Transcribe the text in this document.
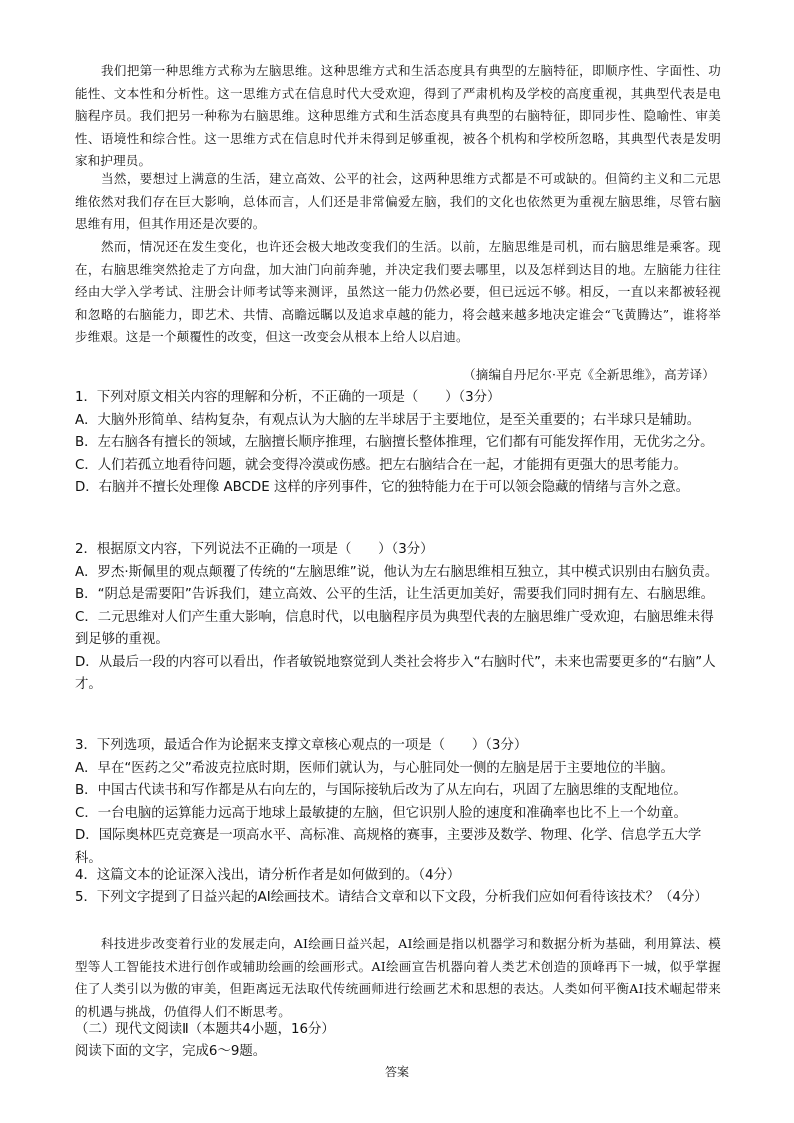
我们把第一种思维方式称为左脑思维。这种思维方式和生活态度具有典型的左脑特征，即顺序性、字面性、功能性、文本性和分析性。这一思维方式在信息时代大受欢迎，得到了严肃机构及学校的高度重视，其典型代表是电脑程序员。我们把另一种称为右脑思维。这种思维方式和生活态度具有典型的右脑特征，即同步性、隐喻性、审美性、语境性和综合性。这一思维方式在信息时代并未得到足够重视，被各个机构和学校所忽略，其典型代表是发明家和护理员。
当然，要想过上满意的生活，建立高效、公平的社会，这两种思维方式都是不可或缺的。但简约主义和二元思维依然对我们存在巨大影响，总体而言，人们还是非常偏爱左脑，我们的文化也依然更为重视左脑思维，尽管右脑思维有用，但其作用还是次要的。
然而，情况还在发生变化，也许还会极大地改变我们的生活。以前，左脑思维是司机，而右脑思维是乘客。现在，右脑思维突然抢走了方向盘，加大油门向前奔驰，并决定我们要去哪里，以及怎样到达目的地。左脑能力往往经由大学入学考试、注册会计师考试等来测评，虽然这一能力仍然必要，但已远远不够。相反，一直以来都被轻视和忽略的右脑能力，即艺术、共情、高瞻远瞩以及追求卓越的能力，将会越来越多地决定谁会“飞黄腾达”，谁将举步维艰。这是一个颠覆性的改变，但这一改变会从根本上给人以启迪。
（摘编自丹尼尔·平克《全新思维》，高芳译）
1．下列对原文相关内容的理解和分析，不正确的一项是（　　）（3分）
A．大脑外形简单、结构复杂，有观点认为大脑的左半球居于主要地位，是至关重要的；右半球只是辅助。
B．左右脑各有擅长的领域，左脑擅长顺序推理，右脑擅长整体推理，它们都有可能发挥作用，无优劣之分。
C．人们若孤立地看待问题，就会变得冷漠或伤感。把左右脑结合在一起，才能拥有更强大的思考能力。
D．右脑并不擅长处理像 ABCDE 这样的序列事件，它的独特能力在于可以领会隐藏的情绪与言外之意。
2．根据原文内容，下列说法不正确的一项是（　　）（3分）
A．罗杰·斯佩里的观点颠覆了传统的“左脑思维”说，他认为左右脑思维相互独立，其中模式识别由右脑负责。
B．“阴总是需要阳”告诉我们，建立高效、公平的生活，让生活更加美好，需要我们同时拥有左、右脑思维。
C．二元思维对人们产生重大影响，信息时代，以电脑程序员为典型代表的左脑思维广受欢迎，右脑思维未得到足够的重视。
D．从最后一段的内容可以看出，作者敏锐地察觉到人类社会将步入“右脑时代”，未来也需要更多的“右脑”人才。
3．下列选项，最适合作为论据来支撑文章核心观点的一项是（　　）（3分）
A．早在“医药之父”希波克拉底时期，医师们就认为，与心脏同处一侧的左脑是居于主要地位的半脑。
B．中国古代读书和写作都是从右向左的，与国际接轨后改为了从左向右，巩固了左脑思维的支配地位。
C．一台电脑的运算能力远高于地球上最敏捷的左脑，但它识别人脸的速度和准确率也比不上一个幼童。
D．国际奥林匹克竞赛是一项高水平、高标准、高规格的赛事，主要涉及数学、物理、化学、信息学五大学科。
4．这篇文本的论证深入浅出，请分析作者是如何做到的。（4分）
5．下列文字提到了日益兴起的AI绘画技术。请结合文章和以下文段，分析我们应如何看待该技术？（4分）
科技进步改变着行业的发展走向，AI绘画日益兴起，AI绘画是指以机器学习和数据分析为基础，利用算法、模型等人工智能技术进行创作或辅助绘画的绘画形式。AI绘画宣告机器向着人类艺术创造的顶峰再下一城，似乎掌握住了人类引以为傲的审美，但距离远无法取代传统画师进行绘画艺术和思想的表达。人类如何平衡AI技术崛起带来的机遇与挑战，仍值得人们不断思考。
（二）现代文阅读Ⅱ（本题共4小题，16分）
阅读下面的文字，完成6～9题。
答案
